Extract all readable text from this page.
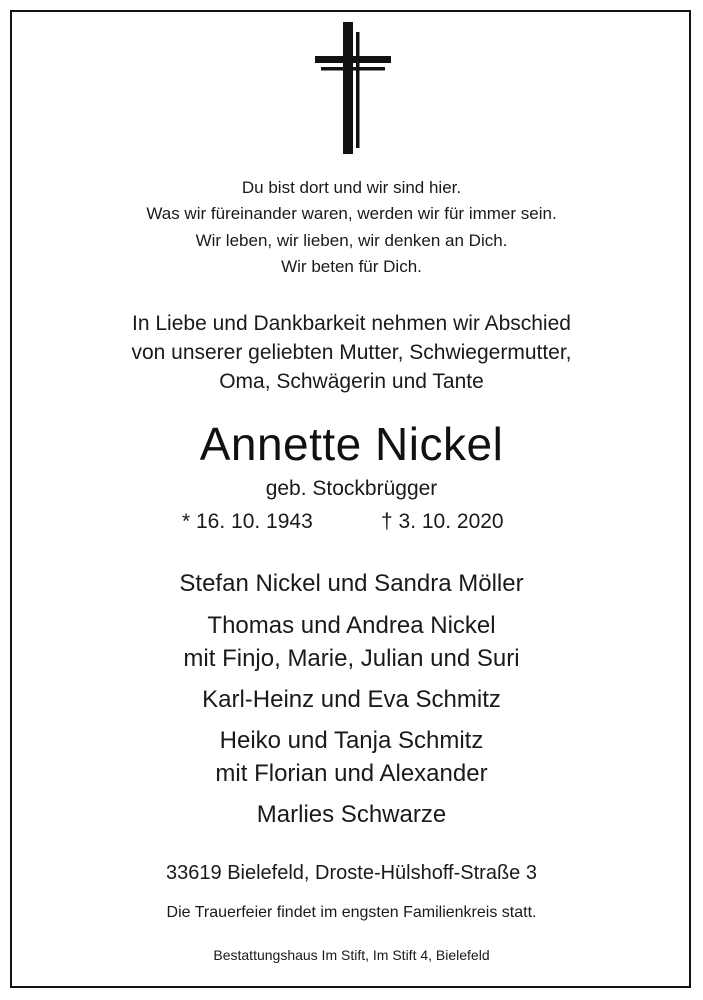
Du bist dort und wir sind hier.
Was wir füreinander waren, werden wir für immer sein.
Wir leben, wir lieben, wir denken an Dich.
Wir beten für Dich.
In Liebe und Dankbarkeit nehmen wir Abschied
von unserer geliebten Mutter, Schwiegermutter,
Oma, Schwägerin und Tante
Annette Nickel
geb. Stockbrügger
* 16. 10. 1943	† 3. 10. 2020
Stefan Nickel und Sandra Möller
Thomas und Andrea Nickel
mit Finjo, Marie, Julian und Suri
Karl-Heinz und Eva Schmitz
Heiko und Tanja Schmitz
mit Florian und Alexander
Marlies Schwarze
33619 Bielefeld, Droste-Hülshoff-Straße 3
Die Trauerfeier findet im engsten Familienkreis statt.
Bestattungshaus Im Stift, Im Stift 4, Bielefeld
